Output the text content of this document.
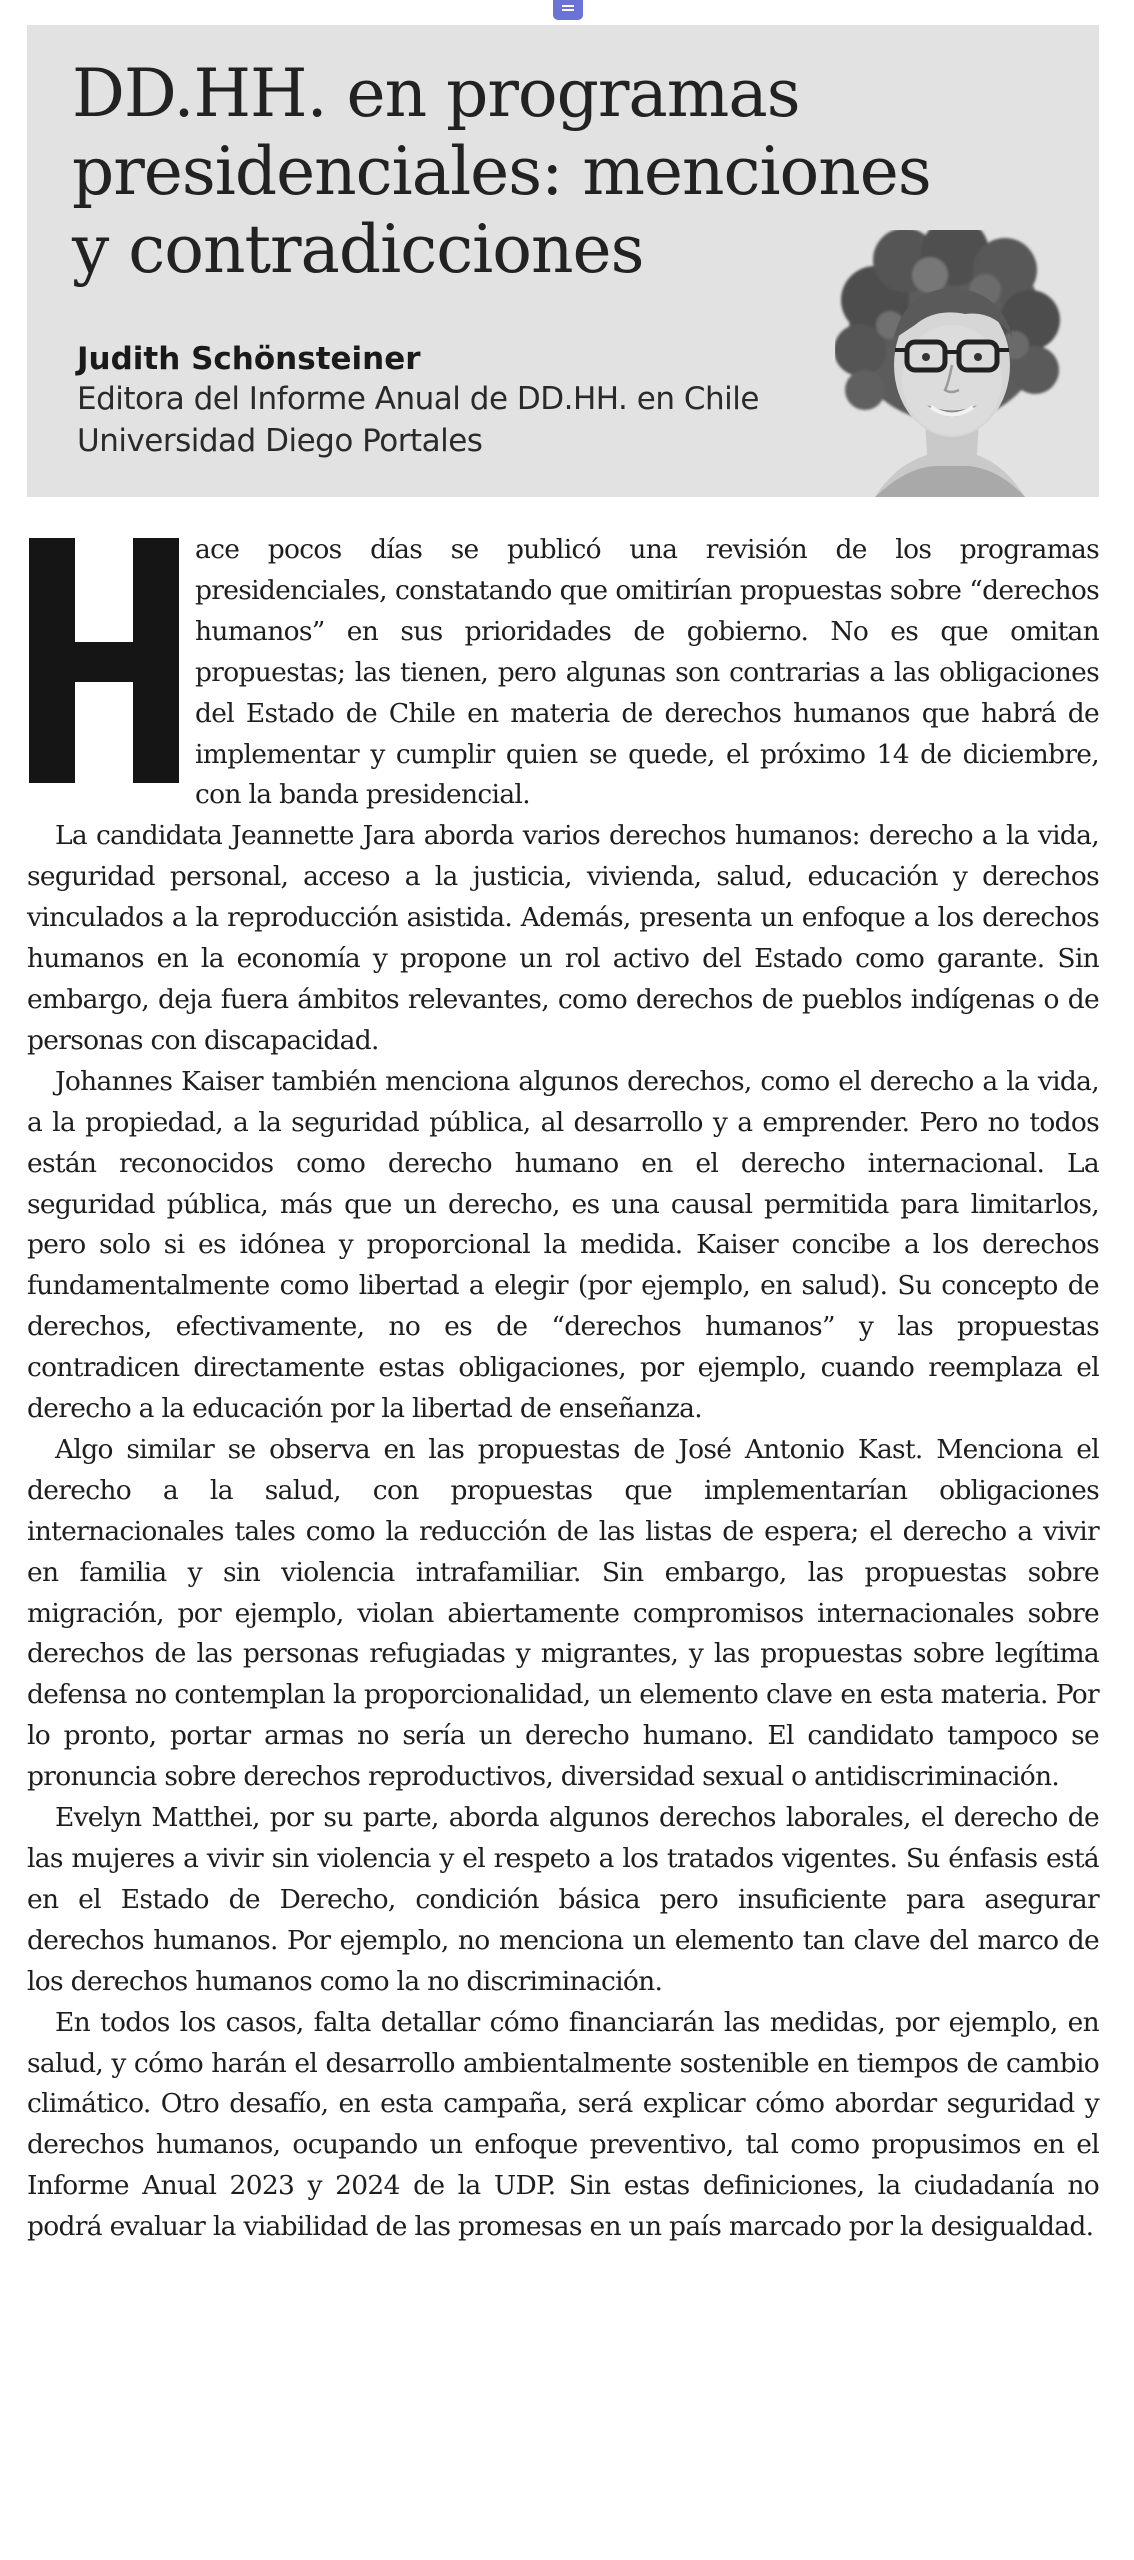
DD.HH. en programas presidenciales: menciones y contradicciones

Judith Schönsteiner

Editora del Informe Anual de DD.HH. en Chile

Universidad Diego Portales

H
ace pocos días se publicó una revisión de los programas presidenciales, constatando que omitirían propuestas sobre “derechos humanos” en sus prioridades de gobierno. No es que omitan propuestas; las tienen, pero algunas son contrarias a las obligaciones del Estado de Chile en materia de derechos humanos que habrá de implementar y cumplir quien se quede, el próximo 14 de diciembre, con la banda presidencial.

La candidata Jeannette Jara aborda varios derechos humanos: derecho a la vida, seguridad personal, acceso a la justicia, vivienda, salud, educación y derechos vinculados a la reproducción asistida. Además, presenta un enfoque a los derechos humanos en la economía y propone un rol activo del Estado como garante. Sin embargo, deja fuera ámbitos relevantes, como derechos de pueblos indígenas o de personas con discapacidad.

Johannes Kaiser también menciona algunos derechos, como el derecho a la vida, a la propiedad, a la seguridad pública, al desarrollo y a emprender. Pero no todos están reconocidos como derecho humano en el derecho internacional. La seguridad pública, más que un derecho, es una causal permitida para limitarlos, pero solo si es idónea y proporcional la medida. Kaiser concibe a los derechos fundamentalmente como libertad a elegir (por ejemplo, en salud). Su concepto de derechos, efectivamente, no es de “derechos humanos” y las propuestas contradicen directamente estas obligaciones, por ejemplo, cuando reemplaza el derecho a la educación por la libertad de enseñanza.

Algo similar se observa en las propuestas de José Antonio Kast. Menciona el derecho a la salud, con propuestas que implementarían obligaciones internacionales tales como la reducción de las listas de espera; el derecho a vivir en familia y sin violencia intrafamiliar. Sin embargo, las propuestas sobre migración, por ejemplo, violan abiertamente compromisos internacionales sobre derechos de las personas refugiadas y migrantes, y las propuestas sobre legítima defensa no contemplan la proporcionalidad, un elemento clave en esta materia. Por lo pronto, portar armas no sería un derecho humano. El candidato tampoco se pronuncia sobre derechos reproductivos, diversidad sexual o antidiscriminación.

Evelyn Matthei, por su parte, aborda algunos derechos laborales, el derecho de las mujeres a vivir sin violencia y el respeto a los tratados vigentes. Su énfasis está en el Estado de Derecho, condición básica pero insuficiente para asegurar derechos humanos. Por ejemplo, no menciona un elemento tan clave del marco de los derechos humanos como la no discriminación.

En todos los casos, falta detallar cómo financiarán las medidas, por ejemplo, en salud, y cómo harán el desarrollo ambientalmente sostenible en tiempos de cambio climático. Otro desafío, en esta campaña, será explicar cómo abordar seguridad y derechos humanos, ocupando un enfoque preventivo, tal como propusimos en el Informe Anual 2023 y 2024 de la UDP. Sin estas definiciones, la ciudadanía no podrá evaluar la viabilidad de las promesas en un país marcado por la desigualdad.
